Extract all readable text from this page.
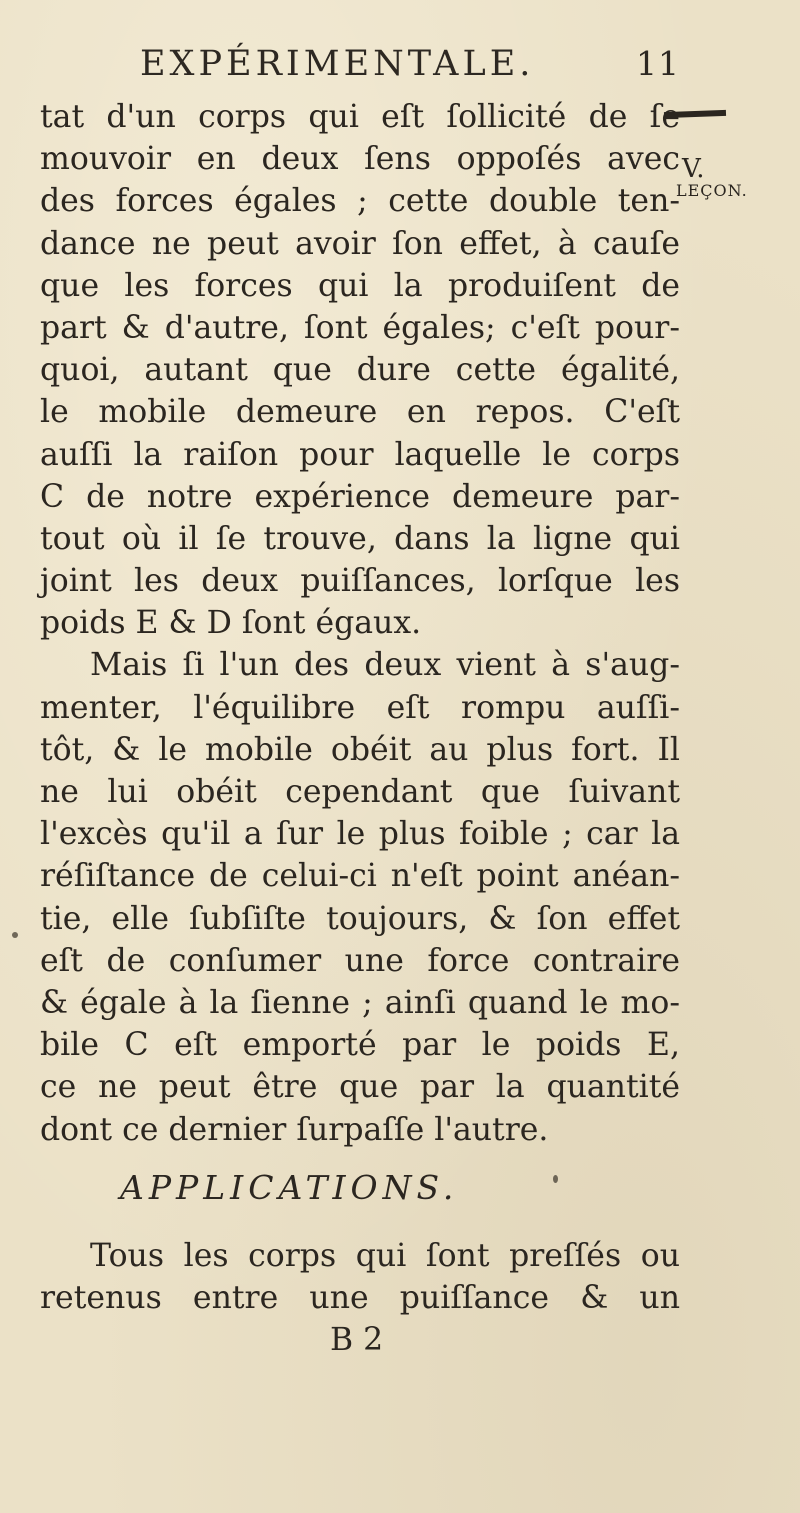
EXPÉRIMENTALE.	11
V.
LEÇON.
tat d'un corps qui eſt ſollicité de ſe
mouvoir en deux ſens oppoſés avec
des forces égales ; cette double ten-
dance ne peut avoir ſon effet, à cauſe
que les forces qui la produiſent de
part & d'autre, ſont égales; c'eſt pour-
quoi, autant que dure cette égalité,
le mobile demeure en repos. C'eſt
auſſi la raiſon pour laquelle le corps
C de notre expérience demeure par-
tout où il ſe trouve, dans la ligne qui
joint les deux puiſſances, lorſque les
poids E & D ſont égaux.
Mais ſi l'un des deux vient à s'aug-
menter, l'équilibre eſt rompu auſſi-
tôt, & le mobile obéit au plus fort. Il
ne lui obéit cependant que ſuivant
l'excès qu'il a ſur le plus foible ; car la
réſiſtance de celui-ci n'eſt point anéan-
tie, elle ſubſiſte toujours, & ſon effet
eſt de conſumer une force contraire
& égale à la ſienne ; ainſi quand le mo-
bile C eſt emporté par le poids E,
ce ne peut être que par la quantité
dont ce dernier ſurpaſſe l'autre.
APPLICATIONS.
Tous les corps qui ſont preſſés ou
retenus entre une puiſſance & un
B 2
